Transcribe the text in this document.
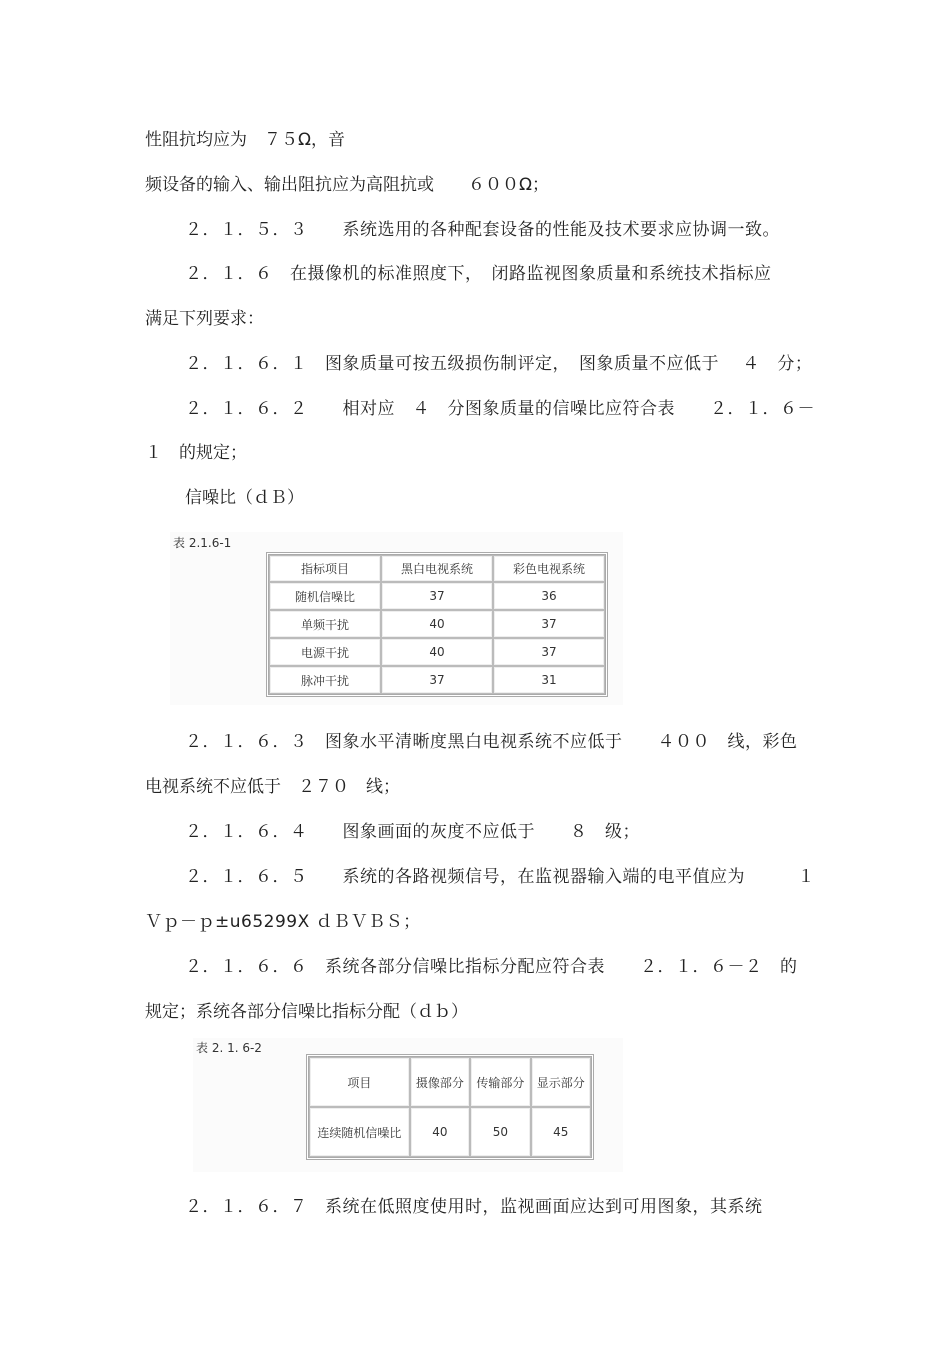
性阻抗均应为　７５Ω，音
频设备的输入、输出阻抗应为高阻抗或　　６００Ω；
２．１．５．３　　系统选用的各种配套设备的性能及技术要求应协调一致。
２．１．６　在摄像机的标准照度下，　闭路监视图象质量和系统技术指标应
满足下列要求：
２．１．６．１　图象质量可按五级损伤制评定，　图象质量不应低于　 ４　分；
２．１．６．２　　相对应　４　分图象质量的信噪比应符合表　　２．１．６－
１　的规定；
信噪比（ｄＢ）
表 2.1.6-1
指标项目	黑白电视系统	彩色电视系统
随机信噪比	37	36
单频干扰	40	37
电源干扰	40	37
脉冲干扰	37	31
２．１．６．３　图象水平清晰度黑白电视系统不应低于　　４００　线，彩色
电视系统不应低于　２７０　线；
２．１．６．４　　图象画面的灰度不应低于　　８　级；
２．１．６．５　　系统的各路视频信号，在监视器输入端的电平值应为　　　１
Ｖｐ－ｐ±u65299X ｄＢＶＢＳ；
２．１．６．６　系统各部分信噪比指标分配应符合表　　２．１．６－２　的
规定；系统各部分信噪比指标分配（ｄｂ）
表 2. 1. 6-2
项目	摄像部分	传输部分	显示部分
连续随机信噪比	40	50	45
２．１．６．７　系统在低照度使用时，监视画面应达到可用图象，其系统
